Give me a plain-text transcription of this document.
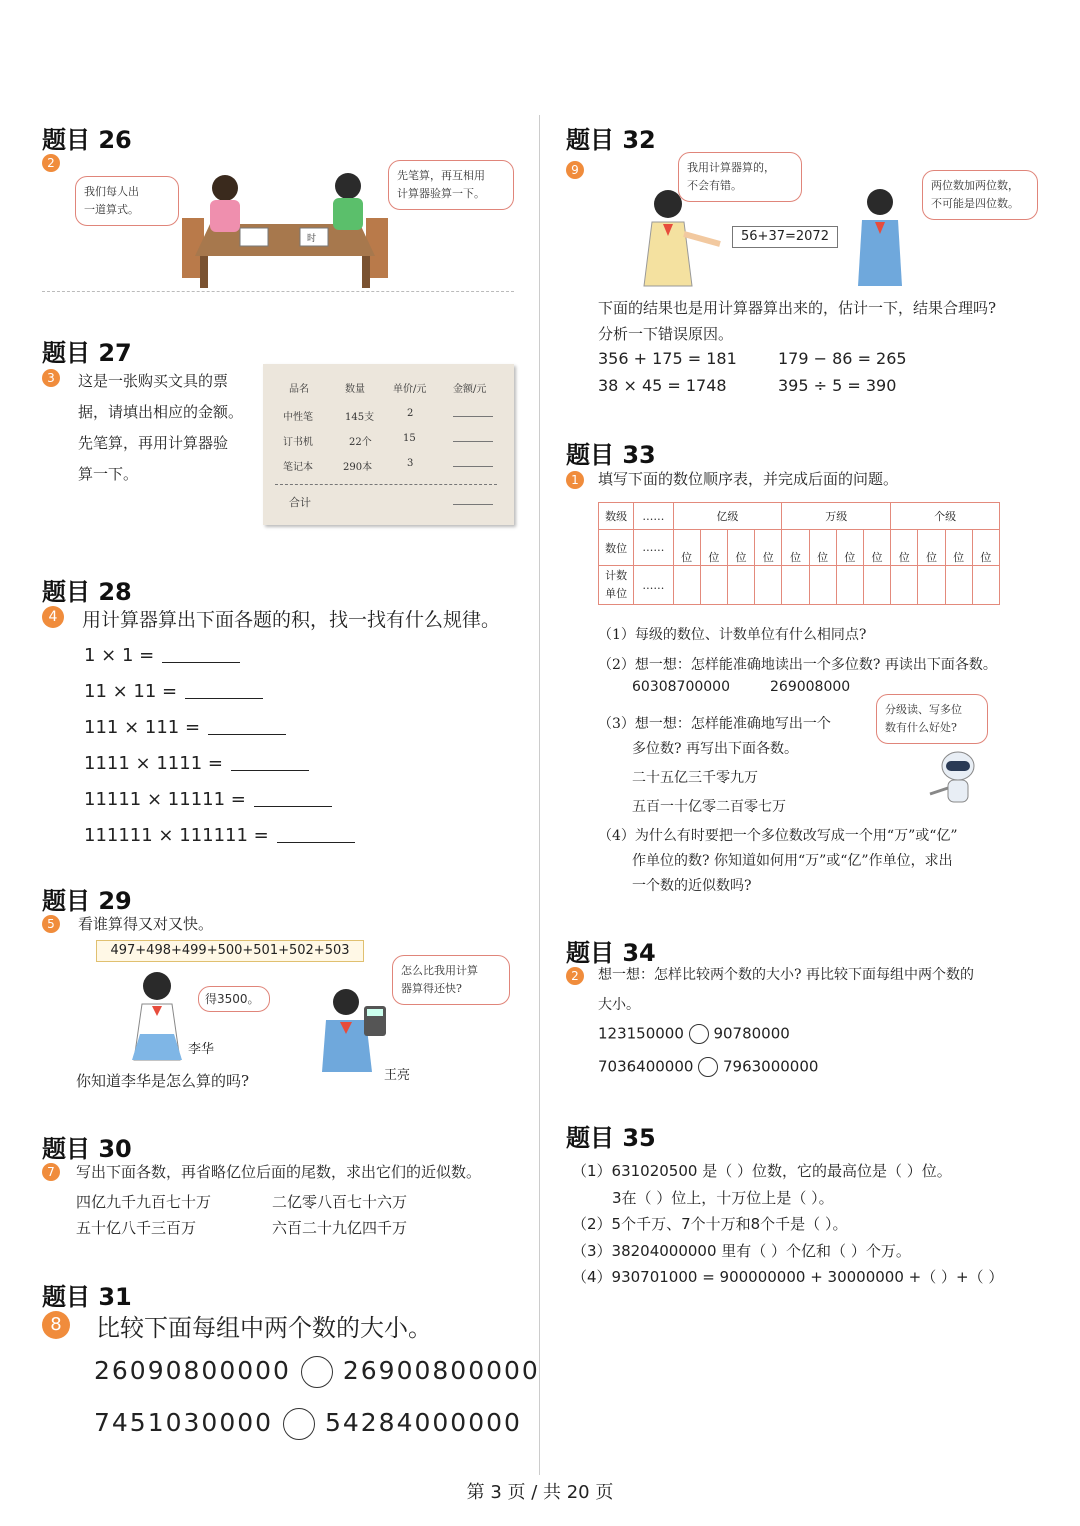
题目 26
2
我们每人出
一道算式。
先笔算，再互相用
计算器验算一下。
时
题目 27
3	这是一张购买文具的票
据，请填出相应的金额。
先笔算，再用计算器验
算一下。
品名	数量	单价/元	金额/元
中性笔	145支	2
订书机	22个	15
笔记本	290本	3
合计
题目 28
4	用计算器算出下面各题的积，找一找有什么规律。
1 × 1 =
11 × 11 =
111 × 111 =
1111 × 1111 =
11111 × 11111 =
111111 × 111111 =
题目 29
5	看谁算得又对又快。
497+498+499+500+501+502+503
得3500。
李华
怎么比我用计算
器算得还快?
王亮
你知道李华是怎么算的吗?
题目 30
7	写出下面各数，再省略亿位后面的尾数，求出它们的近似数。
四亿九千九百七十万	二亿零八百七十六万
五十亿八千三百万	六百二十九亿四千万
题目 31
8	比较下面每组中两个数的大小。
26090800000 26900800000
7451030000 54284000000
题目 32
9	我用计算器算的，
不会有错。
56+37=2072
两位数加两位数，
不可能是四位数。
下面的结果也是用计算器算出来的，估计一下，结果合理吗?
分析一下错误原因。
356 + 175 = 181	179 − 86 = 265
38 × 45 = 1748	395 ÷ 5 = 390
题目 33
1	填写下面的数位顺序表，并完成后面的问题。
数级	……	亿级				万级				个级			
数位	……	位	位	位	位	位	位	位	位	位	位	位	位

计数
单位	……												
（1）每级的数位、计数单位有什么相同点?
（2）想一想：怎样能准确地读出一个多位数? 再读出下面各数。
60308700000	269008000
（3）想一想：怎样能准确地写出一个
多位数? 再写出下面各数。
二十五亿三千零九万
五百一十亿零二百零七万
分级读、写多位
数有什么好处?
（4）为什么有时要把一个多位数改写成一个用“万”或“亿”
作单位的数? 你知道如何用“万”或“亿”作单位，求出
一个数的近似数吗?
题目 34
2	想一想：怎样比较两个数的大小? 再比较下面每组中两个数的
大小。
123150000 90780000
7036400000 7963000000
题目 35
（1）631020500 是（ ）位数，它的最高位是（ ）位。
3在（ ）位上，十万位上是（ ）。
（2）5个千万、7个十万和8个千是（ ）。
（3）38204000000 里有（ ）个亿和（ ）个万。
（4）930701000 = 900000000 + 30000000 +（ ）+（ ）
第 3 页 / 共 20 页
